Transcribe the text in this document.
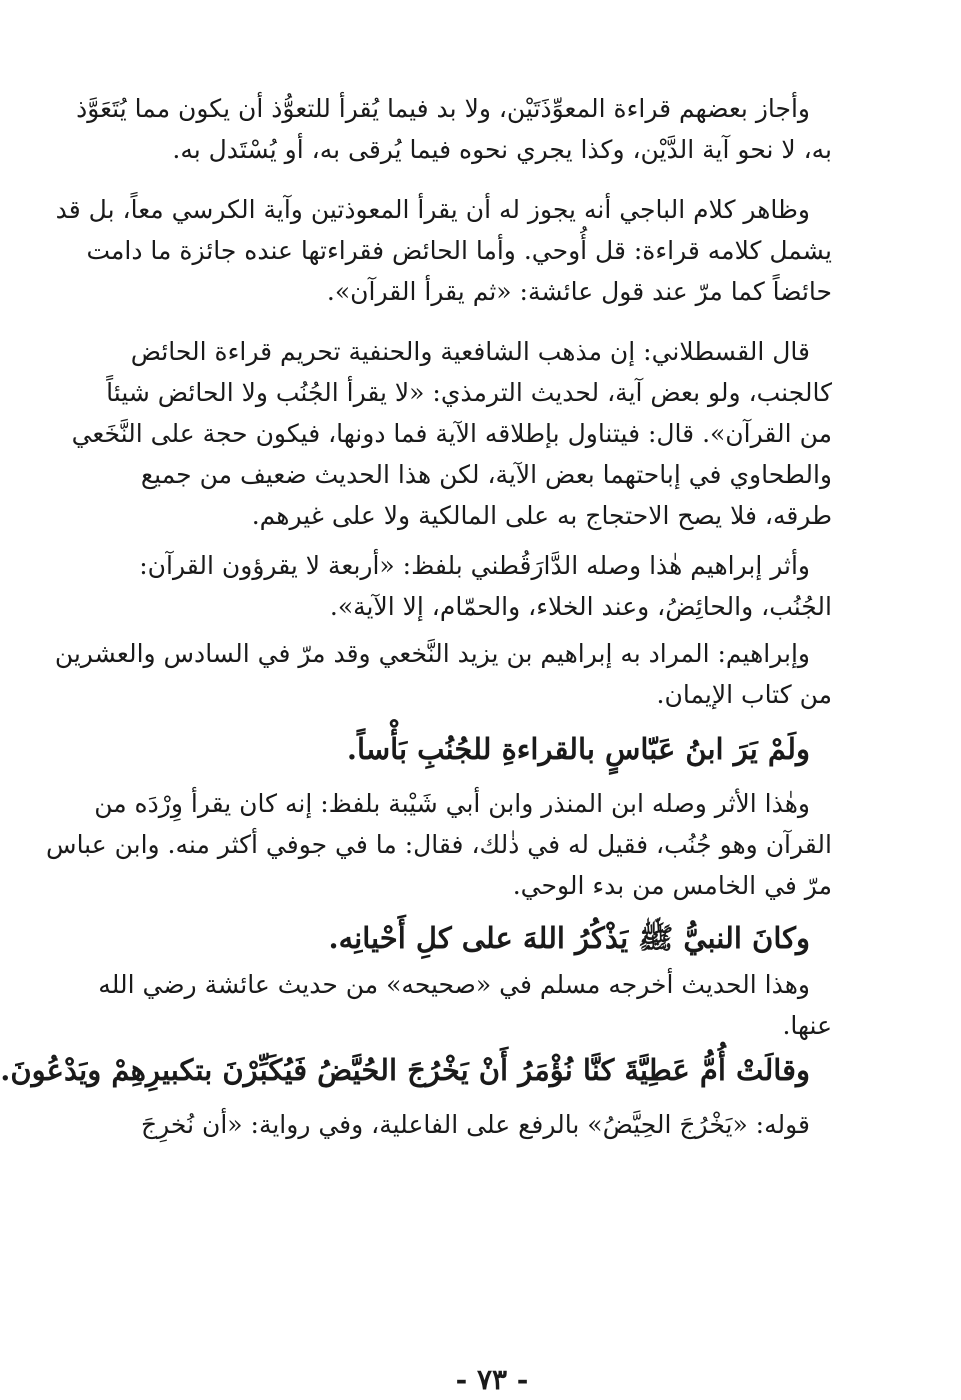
وأجاز بعضهم قراءة المعوِّذَتَيْن، ولا بد فيما يُقرأ للتعوُّذ أن يكون مما يُتَعَوَّذ
به، لا نحو آية الدَّيْن، وكذا يجري نحوه فيما يُرقى به، أو يُسْتَدل به.

وظاهر كلام الباجي أنه يجوز له أن يقرأ المعوذتين وآية الكرسي معاً، بل قد
يشمل كلامه قراءة: قل أُوحي. وأما الحائض فقراءتها عنده جائزة ما دامت
حائضاً كما مرّ عند قول عائشة: «ثم يقرأ القرآن».

قال القسطلاني: إن مذهب الشافعية والحنفية تحريم قراءة الحائض
كالجنب، ولو بعض آية، لحديث الترمذي: «لا يقرأ الجُنُب ولا الحائض شيئاً
من القرآن». قال: فيتناول بإطلاقه الآية فما دونها، فيكون حجة على النَّخَعي
والطحاوي في إباحتهما بعض الآية، لكن هذا الحديث ضعيف من جميع
طرقه، فلا يصح الاحتجاج به على المالكية ولا على غيرهم.

وأثر إبراهيم هٰذا وصله الدَّارَقُطني بلفظ: «أربعة لا يقرؤون القرآن:
الجُنُب، والحائِضُ، وعند الخلاء، والحمّام، إلا الآية».

وإبراهيم: المراد به إبراهيم بن يزيد النَّخعي وقد مرّ في السادس والعشرين
من كتاب الإيمان.

ولَمْ يَرَ ابنُ عَبّاسٍ بالقراءةِ للجُنُبِ بَأْساً.

وهٰذا الأثر وصله ابن المنذر وابن أبي شَيْبة بلفظ: إنه كان يقرأ وِرْدَه من
القرآن وهو جُنُب، فقيل له في ذٰلك، فقال: ما في جوفي أكثر منه. وابن عباس
مرّ في الخامس من بدء الوحي.

وكانَ النبيُّ ﷺ يَذْكُرُ اللهَ على كلِ أَحْيانِه.

وهذا الحديث أخرجه مسلم في «صحيحه» من حديث عائشة رضي الله
عنها.

وقالَتْ أُمُّ عَطِيَّةَ كنَّا نُؤْمَرُ أَنْ يَخْرُجَ الحُيَّضُ فَيُكَبِّرْنَ بتكبيرِهِمْ ويَدْعُونَ.

قوله: «يَخْرُجَ الحِيَّضُ» بالرفع على الفاعلية، وفي رواية: «أن نُخرِجَ

- ٧٣ -
